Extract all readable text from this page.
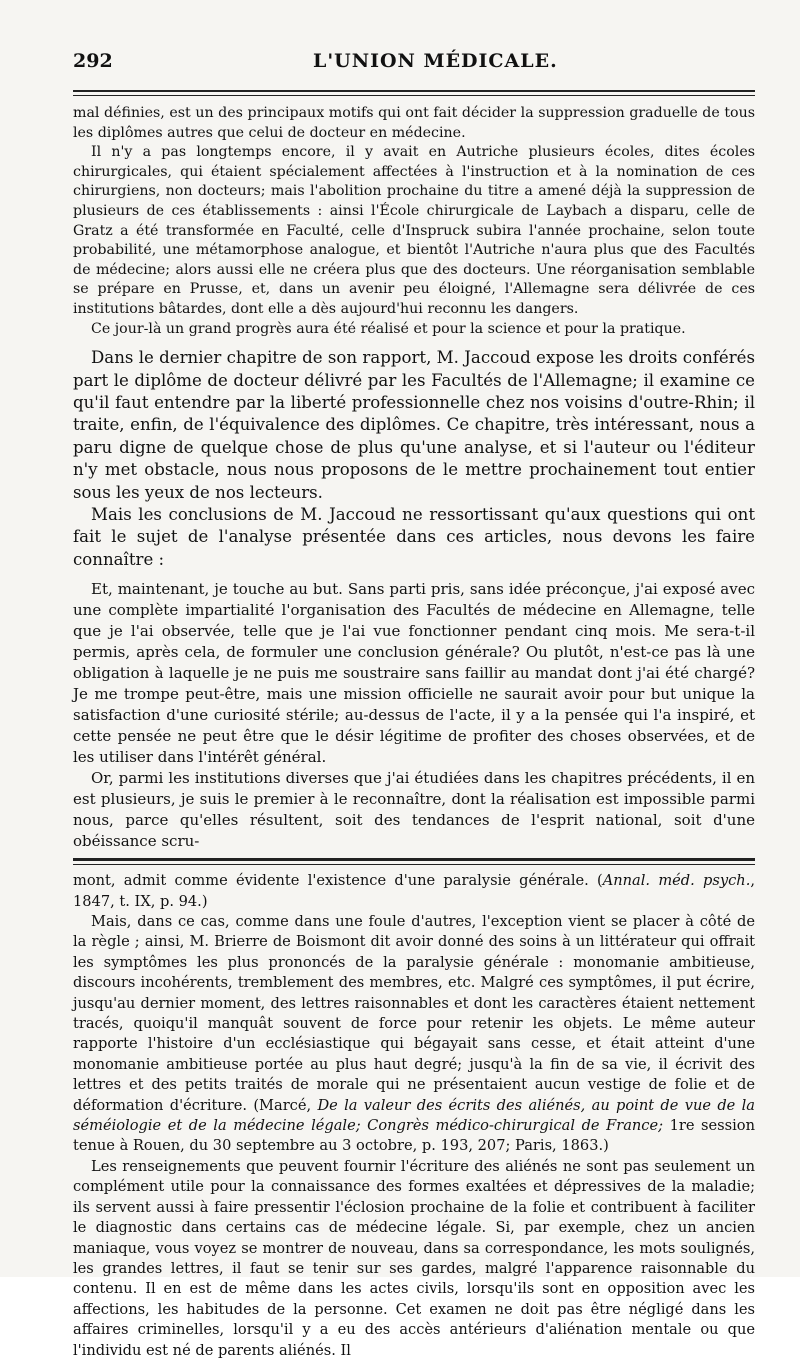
292	L'UNION MÉDICALE.

mal définies, est un des principaux motifs qui ont fait décider la suppression graduelle de tous les diplômes autres que celui de docteur en médecine.

Il n'y a pas longtemps encore, il y avait en Autriche plusieurs écoles, dites écoles chirurgicales, qui étaient spécialement affectées à l'instruction et à la nomination de ces chirurgiens, non docteurs; mais l'abolition prochaine du titre a amené déjà la suppression de plusieurs de ces établissements : ainsi l'École chirurgicale de Laybach a disparu, celle de Gratz a été transformée en Faculté, celle d'Inspruck subira l'année prochaine, selon toute probabilité, une métamorphose analogue, et bientôt l'Autriche n'aura plus que des Facultés de médecine; alors aussi elle ne créera plus que des docteurs. Une réorganisation semblable se prépare en Prusse, et, dans un avenir peu éloigné, l'Allemagne sera délivrée de ces institutions bâtardes, dont elle a dès aujourd'hui reconnu les dangers.

Ce jour-là un grand progrès aura été réalisé et pour la science et pour la pratique.

Dans le dernier chapitre de son rapport, M. Jaccoud expose les droits conférés part le diplôme de docteur délivré par les Facultés de l'Allemagne; il examine ce qu'il faut entendre par la liberté professionnelle chez nos voisins d'outre-Rhin; il traite, enfin, de l'équivalence des diplômes. Ce chapitre, très intéressant, nous a paru digne de quelque chose de plus qu'une analyse, et si l'auteur ou l'éditeur n'y met obstacle, nous nous proposons de le mettre prochainement tout entier sous les yeux de nos lecteurs.

Mais les conclusions de M. Jaccoud ne ressortissant qu'aux questions qui ont fait le sujet de l'analyse présentée dans ces articles, nous devons les faire connaître :

Et, maintenant, je touche au but. Sans parti pris, sans idée préconçue, j'ai exposé avec une complète impartialité l'organisation des Facultés de médecine en Allemagne, telle que je l'ai observée, telle que je l'ai vue fonctionner pendant cinq mois. Me sera-t-il permis, après cela, de formuler une conclusion générale? Ou plutôt, n'est-ce pas là une obligation à laquelle je ne puis me soustraire sans faillir au mandat dont j'ai été chargé? Je me trompe peut-être, mais une mission officielle ne saurait avoir pour but unique la satisfaction d'une curiosité stérile; au-dessus de l'acte, il y a la pensée qui l'a inspiré, et cette pensée ne peut être que le désir légitime de profiter des choses observées, et de les utiliser dans l'intérêt général.

Or, parmi les institutions diverses que j'ai étudiées dans les chapitres précédents, il en est plusieurs, je suis le premier à le reconnaître, dont la réalisation est impossible parmi nous, parce qu'elles résultent, soit des tendances de l'esprit national, soit d'une obéissance scru-

mont, admit comme évidente l'existence d'une paralysie générale. (Annal. méd. psych., 1847, t. IX, p. 94.)

Mais, dans ce cas, comme dans une foule d'autres, l'exception vient se placer à côté de la règle ; ainsi, M. Brierre de Boismont dit avoir donné des soins à un littérateur qui offrait les symptômes les plus prononcés de la paralysie générale : monomanie ambitieuse, discours incohérents, tremblement des membres, etc. Malgré ces symptômes, il put écrire, jusqu'au dernier moment, des lettres raisonnables et dont les caractères étaient nettement tracés, quoiqu'il manquât souvent de force pour retenir les objets. Le même auteur rapporte l'histoire d'un ecclésiastique qui bégayait sans cesse, et était atteint d'une monomanie ambitieuse portée au plus haut degré; jusqu'à la fin de sa vie, il écrivit des lettres et des petits traités de morale qui ne présentaient aucun vestige de folie et de déformation d'écriture. (Marcé, De la valeur des écrits des aliénés, au point de vue de la séméiologie et de la médecine légale; Congrès médico-chirurgical de France; 1re session tenue à Rouen, du 30 septembre au 3 octobre, p. 193, 207; Paris, 1863.)

Les renseignements que peuvent fournir l'écriture des aliénés ne sont pas seulement un complément utile pour la connaissance des formes exaltées et dépressives de la maladie; ils servent aussi à faire pressentir l'éclosion prochaine de la folie et contribuent à faciliter le diagnostic dans certains cas de médecine légale. Si, par exemple, chez un ancien maniaque, vous voyez se montrer de nouveau, dans sa correspondance, les mots soulignés, les grandes lettres, il faut se tenir sur ses gardes, malgré l'apparence raisonnable du contenu. Il en est de même dans les actes civils, lorsqu'ils sont en opposition avec les affections, les habitudes de la personne. Cet examen ne doit pas être négligé dans les affaires criminelles, lorsqu'il y a eu des accès antérieurs d'aliénation mentale ou que l'individu est né de parents aliénés. Il
